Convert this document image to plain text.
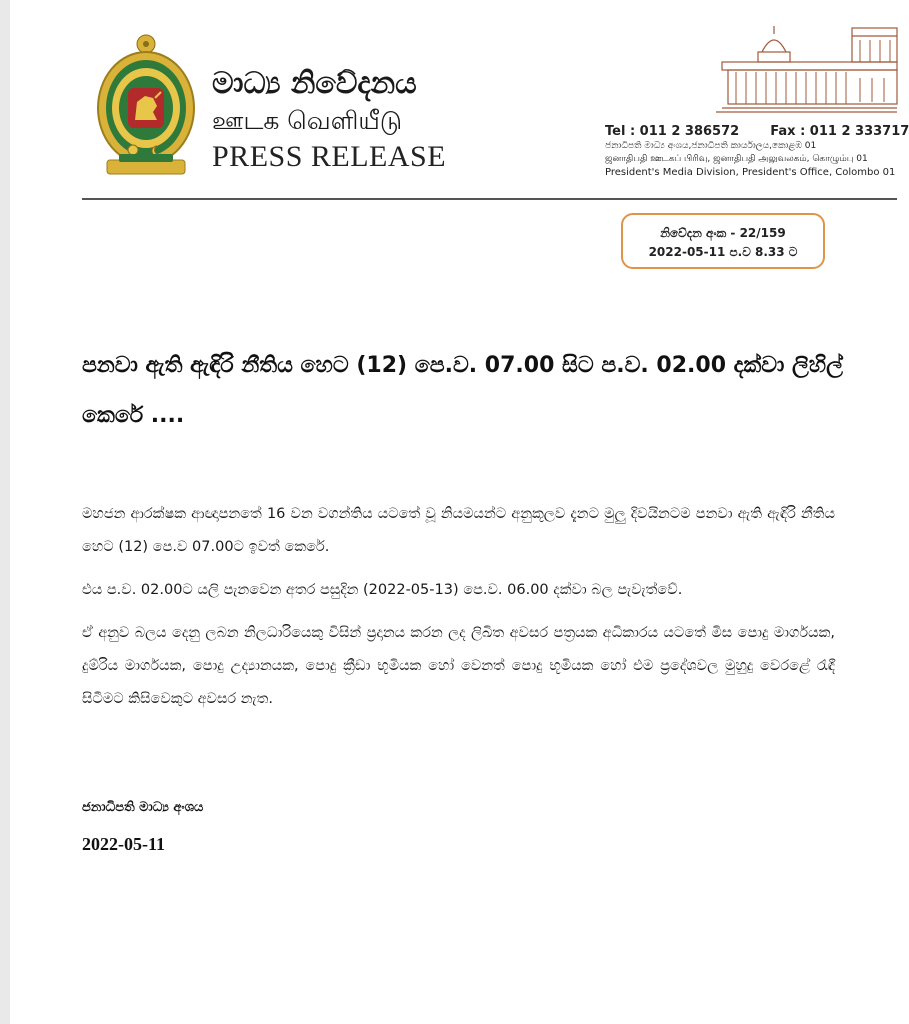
මාධ්‍ය නිවේදනය
ஊடக வெளியீடு
PRESS RELEASE
Tel : 011 2 386572 Fax : 011 2 333717
ජනාධිපති මාධ්‍ය අංශය,ජනාධිපති කාර්යාලය,කොළඹ 01
ஜனாதிபதி ஊடகப் பிரிவு, ஜனாதிபதி அலுவலகம், கொழும்பு 01
President's Media Division, President's Office, Colombo 01
නිවේදන අංක - 22/159
2022-05-11 ප.ව 8.33 ට
පනවා ඇති ඇඳිරි නීතිය හෙට (12) පෙ.ව. 07.00 සිට ප.ව. 02.00 දක්වා ලිහිල් කෙරේ ....

මහජන ආරක්ෂක ආඥාපනතේ 16 වන වගන්තිය යටතේ වූ නියමයන්ට අනුකූලව දැනට මුලු දිවයිනටම පනවා ඇති ඇඳිරි නීතිය හෙට (12) පෙ.ව 07.00ට ඉවත් කෙරේ.

එය ප.ව. 02.00ට යලි පැනවෙන අතර පසුදින (2022-05-13) පෙ.ව. 06.00 දක්වා බල පැවැත්වේ.

ඒ අනුව බලය දෙනු ලබන නිලධාරියෙකු විසින් ප්‍රදානය කරන ලද ලිඛිත අවසර පත්‍රයක අධිකාරය යටතේ මිස පොදු මාර්ගයක, දුම්රිය මාර්ගයක, පොදු උද්‍යානයක, පොදු ක්‍රීඩා භූමියක හෝ වෙනත් පොදු භූමියක හෝ එම ප්‍රදේශවල මුහුදු වෙරළේ රැඳී සිටීමට කිසිවෙකුට අවසර නැත.

ජනාධිපති මාධ්‍ය අංශය
2022-05-11
